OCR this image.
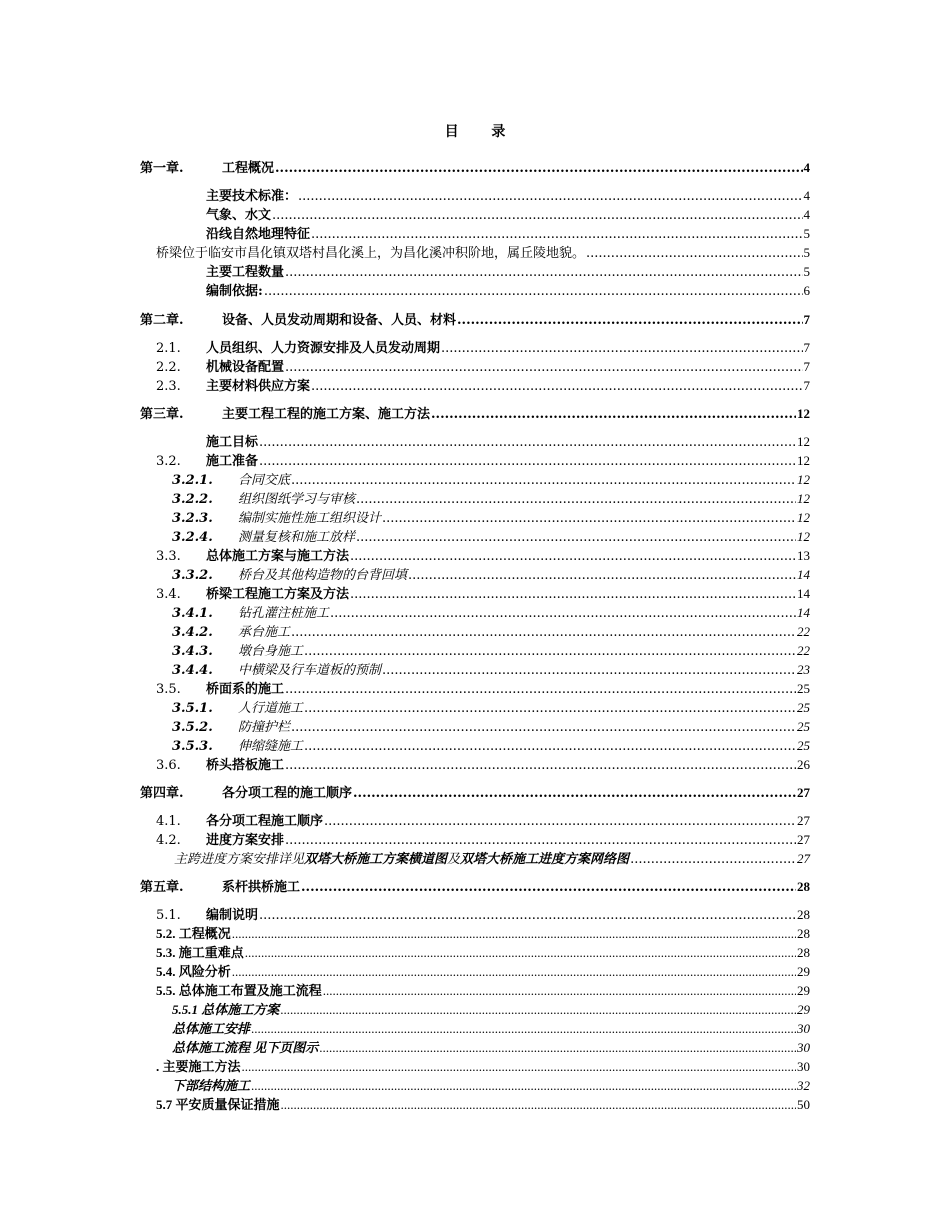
目 录
第一章.	工程概况 .....	4
主要技术标准： .....	4
气象、水文 .....	4
沿线自然地理特征 .....	5
桥梁位于临安市昌化镇双塔村昌化溪上，为昌化溪冲积阶地，属丘陵地貌。 .....	5
主要工程数量 .....	5
编制依据: .....	6
第二章.	设备、人员发动周期和设备、人员、材料 .....	7
2.1.	人员组织、人力资源安排及人员发动周期 .....	7
2.2.	机械设备配置 .....	7
2.3.	主要材料供应方案 .....	7
第三章.	主要工程工程的施工方案、施工方法 .....	12
施工目标 .....	12
3.2.	施工准备 .....	12
3.2.1.	合同交底 .....	12
3.2.2.	组织图纸学习与审核 .....	12
3.2.3.	编制实施性施工组织设计 .....	12
3.2.4.	测量复核和施工放样 .....	12
3.3.	总体施工方案与施工方法 .....	13
3.3.2.	桥台及其他构造物的台背回填 .....	14
3.4.	桥梁工程施工方案及方法 .....	14
3.4.1.	钻孔灌注桩施工 .....	14
3.4.2.	承台施工 .....	22
3.4.3.	墩台身施工 .....	22
3.4.4.	中横梁及行车道板的预制 .....	23
3.5.	桥面系的施工 .....	25
3.5.1.	人行道施工 .....	25
3.5.2.	防撞护栏 .....	25
3.5.3.	伸缩缝施工 .....	25
3.6.	桥头搭板施工 .....	26
第四章.	各分项工程的施工顺序 .....	27
4.1.	各分项工程施工顺序 .....	27
4.2.	进度方案安排 .....	27
主跨进度方案安排详见 双塔大桥施工方案横道图 及 双塔大桥施工进度方案网络图 .....	27
第五章.	系杆拱桥施工 .....	28
5.1.	编制说明 .....	28
5.2. 工程概况 .....	28
5.3. 施工重难点 .....	28
5.4. 风险分析 .....	29
5.5. 总体施工布置及施工流程 .....	29
5.5.1 总体施工方案 .....	29
总体施工安排 .....	30
总体施工流程 见下页图示 .....	30
. 主要施工方法 .....	30
下部结构施工 .....	32
5.7 平安质量保证措施 .....	50
